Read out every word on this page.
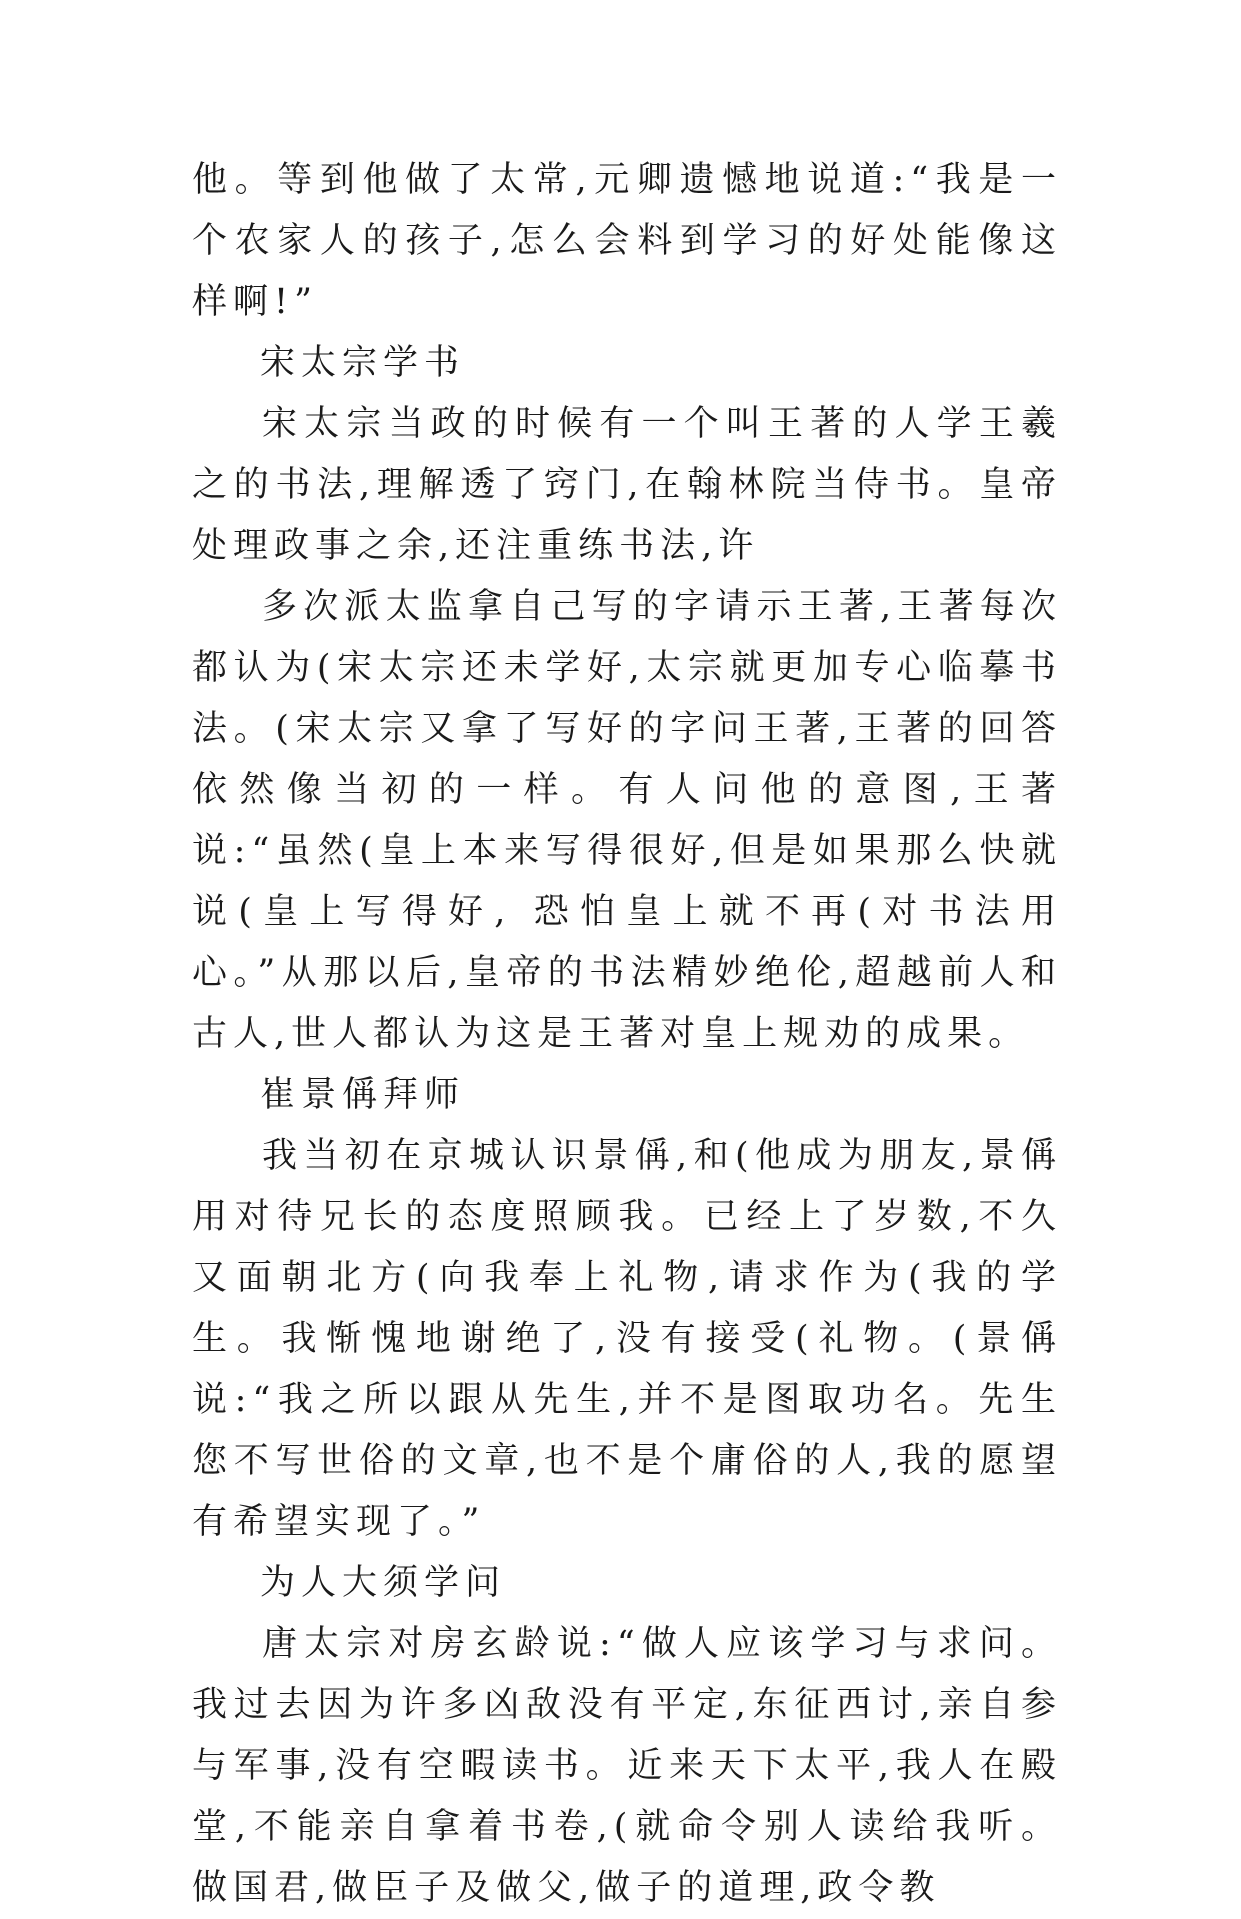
他。等到他做了太常,元卿遗憾地说道:“我是一个农家人的孩子,怎么会料到学习的好处能像这样啊!”

宋太宗学书

宋太宗当政的时候有一个叫王著的人学王羲之的书法,理解透了窍门,在翰林院当侍书。皇帝处理政事之余,还注重练书法,许

多次派太监拿自己写的字请示王著,王著每次都认为(宋太宗还未学好,太宗就更加专心临摹书法。(宋太宗又拿了写好的字问王著,王著的回答依然像当初的一样。有人问他的意图,王著说:“虽然(皇上本来写得很好,但是如果那么快就说(皇上写得好, 恐怕皇上就不再(对书法用心。”从那以后,皇帝的书法精妙绝伦,超越前人和古人,世人都认为这是王著对皇上规劝的成果。

崔景偁拜师

我当初在京城认识景偁,和(他成为朋友,景偁用对待兄长的态度照顾我。已经上了岁数,不久又面朝北方(向我奉上礼物,请求作为(我的学生。我惭愧地谢绝了,没有接受(礼物。(景偁说:“我之所以跟从先生,并不是图取功名。先生您不写世俗的文章,也不是个庸俗的人,我的愿望有希望实现了。”

为人大须学问

唐太宗对房玄龄说:“做人应该学习与求问。我过去因为许多凶敌没有平定,东征西讨,亲自参与军事,没有空暇读书。近来天下太平,我人在殿堂,不能亲自拿着书卷,(就命令别人读给我听。做国君,做臣子及做父,做子的道理,政令教
